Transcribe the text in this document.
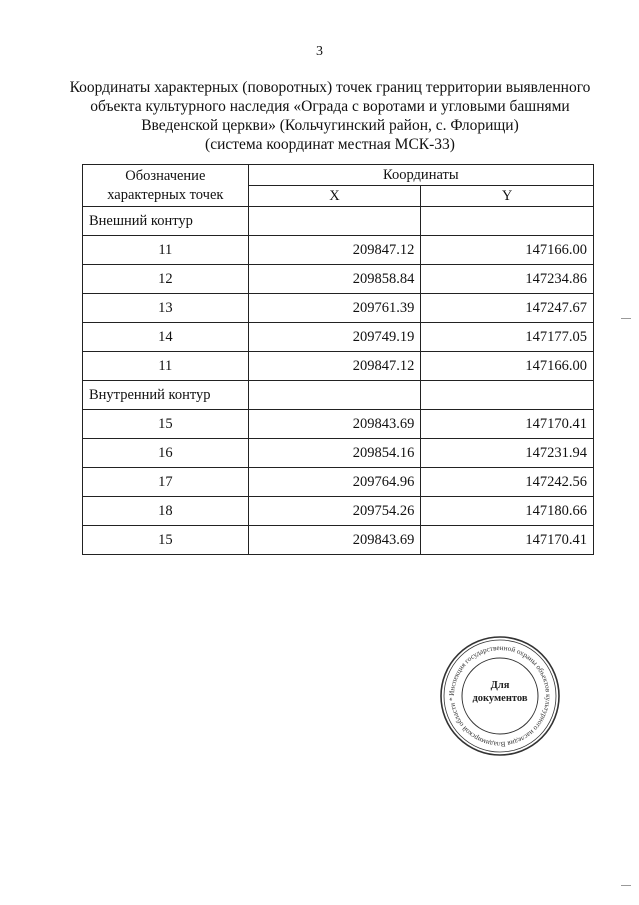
3
Координаты характерных (поворотных) точек границ территории выявленного
объекта культурного наследия «Ограда с воротами и угловыми башнями
Введенской церкви» (Кольчугинский район, с. Флорищи)
(система координат местная МСК-33)
Обозначение
характерных точек	Координаты	
	X	Y
Внешний контур		
11	209847.12	147166.00
12	209858.84	147234.86
13	209761.39	147247.67
14	209749.19	147177.05
11	209847.12	147166.00
Внутренний контур		
15	209843.69	147170.41
16	209854.16	147231.94
17	209764.96	147242.56
18	209754.26	147180.66
15	209843.69	147170.41
Инспекция государственной охраны объектов культурного наследия Владимирской области *
Для
документов
